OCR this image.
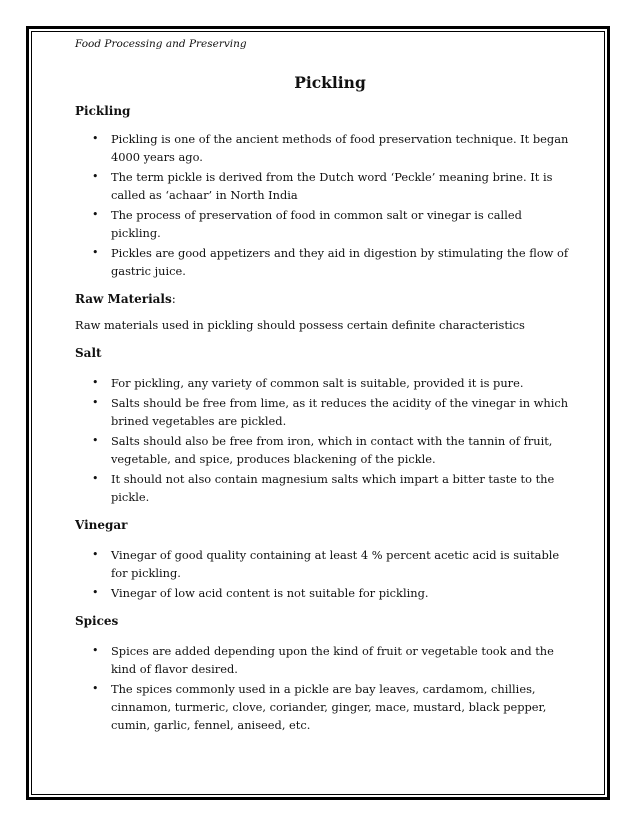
Food Processing and Preserving
Pickling
Pickling
• Pickling is one of the ancient methods of food preservation technique. It began 4000 years ago.
• The term pickle is derived from the Dutch word ‘Peckle’ meaning brine. It is called as ‘achaar’ in North India
• The process of preservation of food in common salt or vinegar is called pickling.
• Pickles are good appetizers and they aid in digestion by stimulating the flow of gastric juice.
Raw Materials:

Raw materials used in pickling should possess certain definite characteristics

Salt
• For pickling, any variety of common salt is suitable, provided it is pure.
• Salts should be free from lime, as it reduces the acidity of the vinegar in which brined vegetables are pickled.
• Salts should also be free from iron, which in contact with the tannin of fruit, vegetable, and spice, produces blackening of the pickle.
• It should not also contain magnesium salts which impart a bitter taste to the pickle.
Vinegar
• Vinegar of good quality containing at least 4 % percent acetic acid is suitable for pickling.
• Vinegar of low acid content is not suitable for pickling.
Spices
• Spices are added depending upon the kind of fruit or vegetable took and the kind of flavor desired.
• The spices commonly used in a pickle are bay leaves, cardamom, chillies, cinnamon, turmeric, clove, coriander, ginger, mace, mustard, black pepper, cumin, garlic, fennel, aniseed, etc.
